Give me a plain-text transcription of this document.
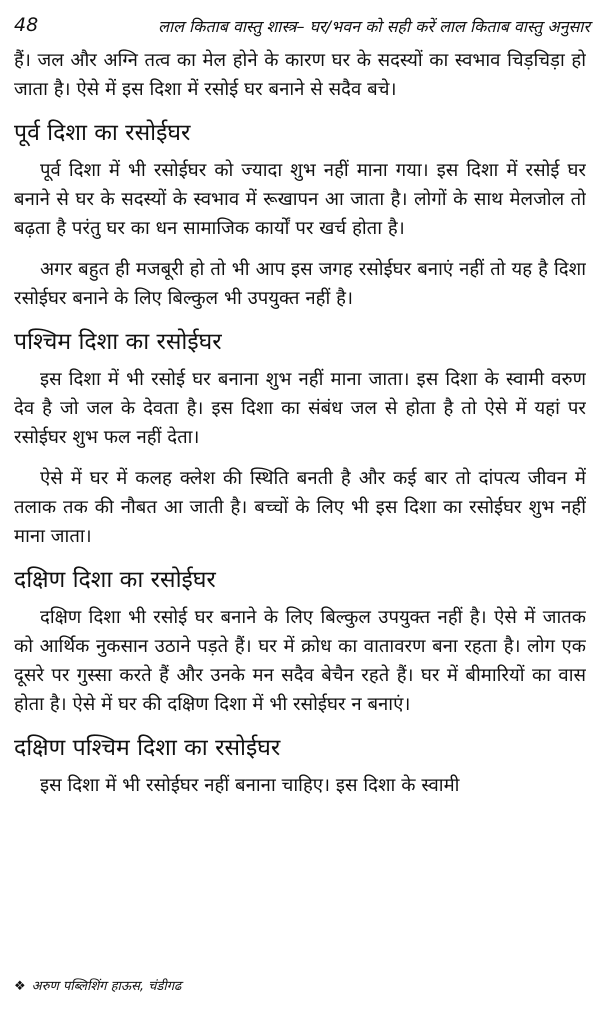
48	लाल किताब वास्तु शास्त्र– घर/भवन को सही करें लाल किताब वास्तु अनुसार

हैं। जल और अग्नि तत्व का मेल होने के कारण घर के सदस्यों का स्वभाव चिड़चिड़ा हो जाता है। ऐसे में इस दिशा में रसोई घर बनाने से सदैव बचे।

पूर्व दिशा का रसोईघर

पूर्व दिशा में भी रसोईघर को ज्यादा शुभ नहीं माना गया। इस दिशा में रसोई घर बनाने से घर के सदस्यों के स्वभाव में रूखापन आ जाता है। लोगों के साथ मेलजोल तो बढ़ता है परंतु घर का धन सामाजिक कार्यों पर खर्च होता है।

अगर बहुत ही मजबूरी हो तो भी आप इस जगह रसोईघर बनाएं नहीं तो यह है दिशा रसोईघर बनाने के लिए बिल्कुल भी उपयुक्त नहीं है।

पश्चिम दिशा का रसोईघर

इस दिशा में भी रसोई घर बनाना शुभ नहीं माना जाता। इस दिशा के स्वामी वरुण देव है जो जल के देवता है। इस दिशा का संबंध जल से होता है तो ऐसे में यहां पर रसोईघर शुभ फल नहीं देता।

ऐसे में घर में कलह क्लेश की स्थिति बनती है और कई बार तो दांपत्य जीवन में तलाक तक की नौबत आ जाती है। बच्चों के लिए भी इस दिशा का रसोईघर शुभ नहीं माना जाता।

दक्षिण दिशा का रसोईघर

दक्षिण दिशा भी रसोई घर बनाने के लिए बिल्कुल उपयुक्त नहीं है। ऐसे में जातक को आर्थिक नुकसान उठाने पड़ते हैं। घर में क्रोध का वातावरण बना रहता है। लोग एक दूसरे पर गुस्सा करते हैं और उनके मन सदैव बेचैन रहते हैं। घर में बीमारियों का वास होता है। ऐसे में घर की दक्षिण दिशा में भी रसोईघर न बनाएं।

दक्षिण पश्चिम दिशा का रसोईघर

इस दिशा में भी रसोईघर नहीं बनाना चाहिए। इस दिशा के स्वामी

❖ अरुण पब्लिशिंग हाऊस, चंडीगढ
